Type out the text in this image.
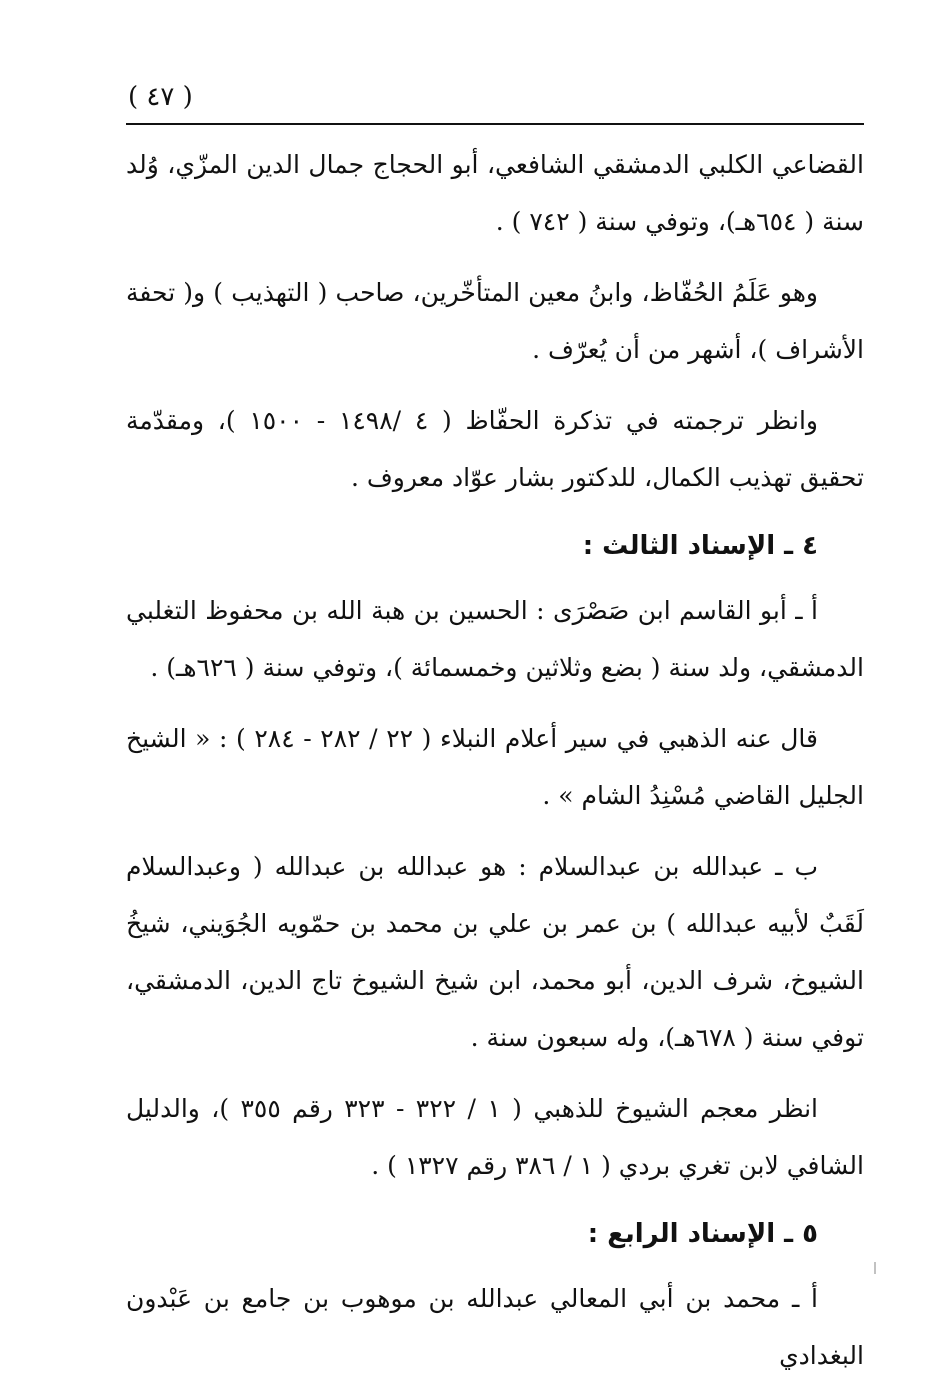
( ٤٧ )

القضاعي الكلبي الدمشقي الشافعي، أبو الحجاج جمال الدين المزّي، وُلد سنة ( ٦٥٤هـ)، وتوفي سنة ( ٧٤٢ ) .

وهو عَلَمُ الحُفّاظ، وابنُ معين المتأخّرين، صاحب ( التهذيب ) و( تحفة الأشراف )، أشهر من أن يُعرّف .

وانظر ترجمته في تذكرة الحفّاظ ( ٤ /١٤٩٨ - ١٥٠٠ )، ومقدّمة تحقيق تهذيب الكمال، للدكتور بشار عوّاد معروف .

٤ ـ الإسناد الثالث :

أ ـ أبو القاسم ابن صَصْرَى : الحسين بن هبة الله بن محفوظ التغلبي الدمشقي، ولد سنة ( بضع وثلاثين وخمسمائة )، وتوفي سنة ( ٦٢٦هـ) .

قال عنه الذهبي في سير أعلام النبلاء ( ٢٢ / ٢٨٢ - ٢٨٤ ) : « الشيخ الجليل القاضي مُسْنِدُ الشام » .

ب ـ عبدالله بن عبدالسلام : هو عبدالله بن عبدالله ( وعبدالسلام لَقَبٌ لأبيه عبدالله ) بن عمر بن علي بن محمد بن حمّويه الجُوَيني، شيخُ الشيوخ، شرف الدين، أبو محمد، ابن شيخ الشيوخ تاج الدين، الدمشقي، توفي سنة ( ٦٧٨هـ)، وله سبعون سنة .

انظر معجم الشيوخ للذهبي ( ١ / ٣٢٢ - ٣٢٣ رقم ٣٥٥ )، والدليل الشافي لابن تغري بردي ( ١ / ٣٨٦ رقم ١٣٢٧ ) .

٥ ـ الإسناد الرابع :

أ ـ محمد بن أبي المعالي عبدالله بن موهوب بن جامع بن عَبْدون البغدادي
